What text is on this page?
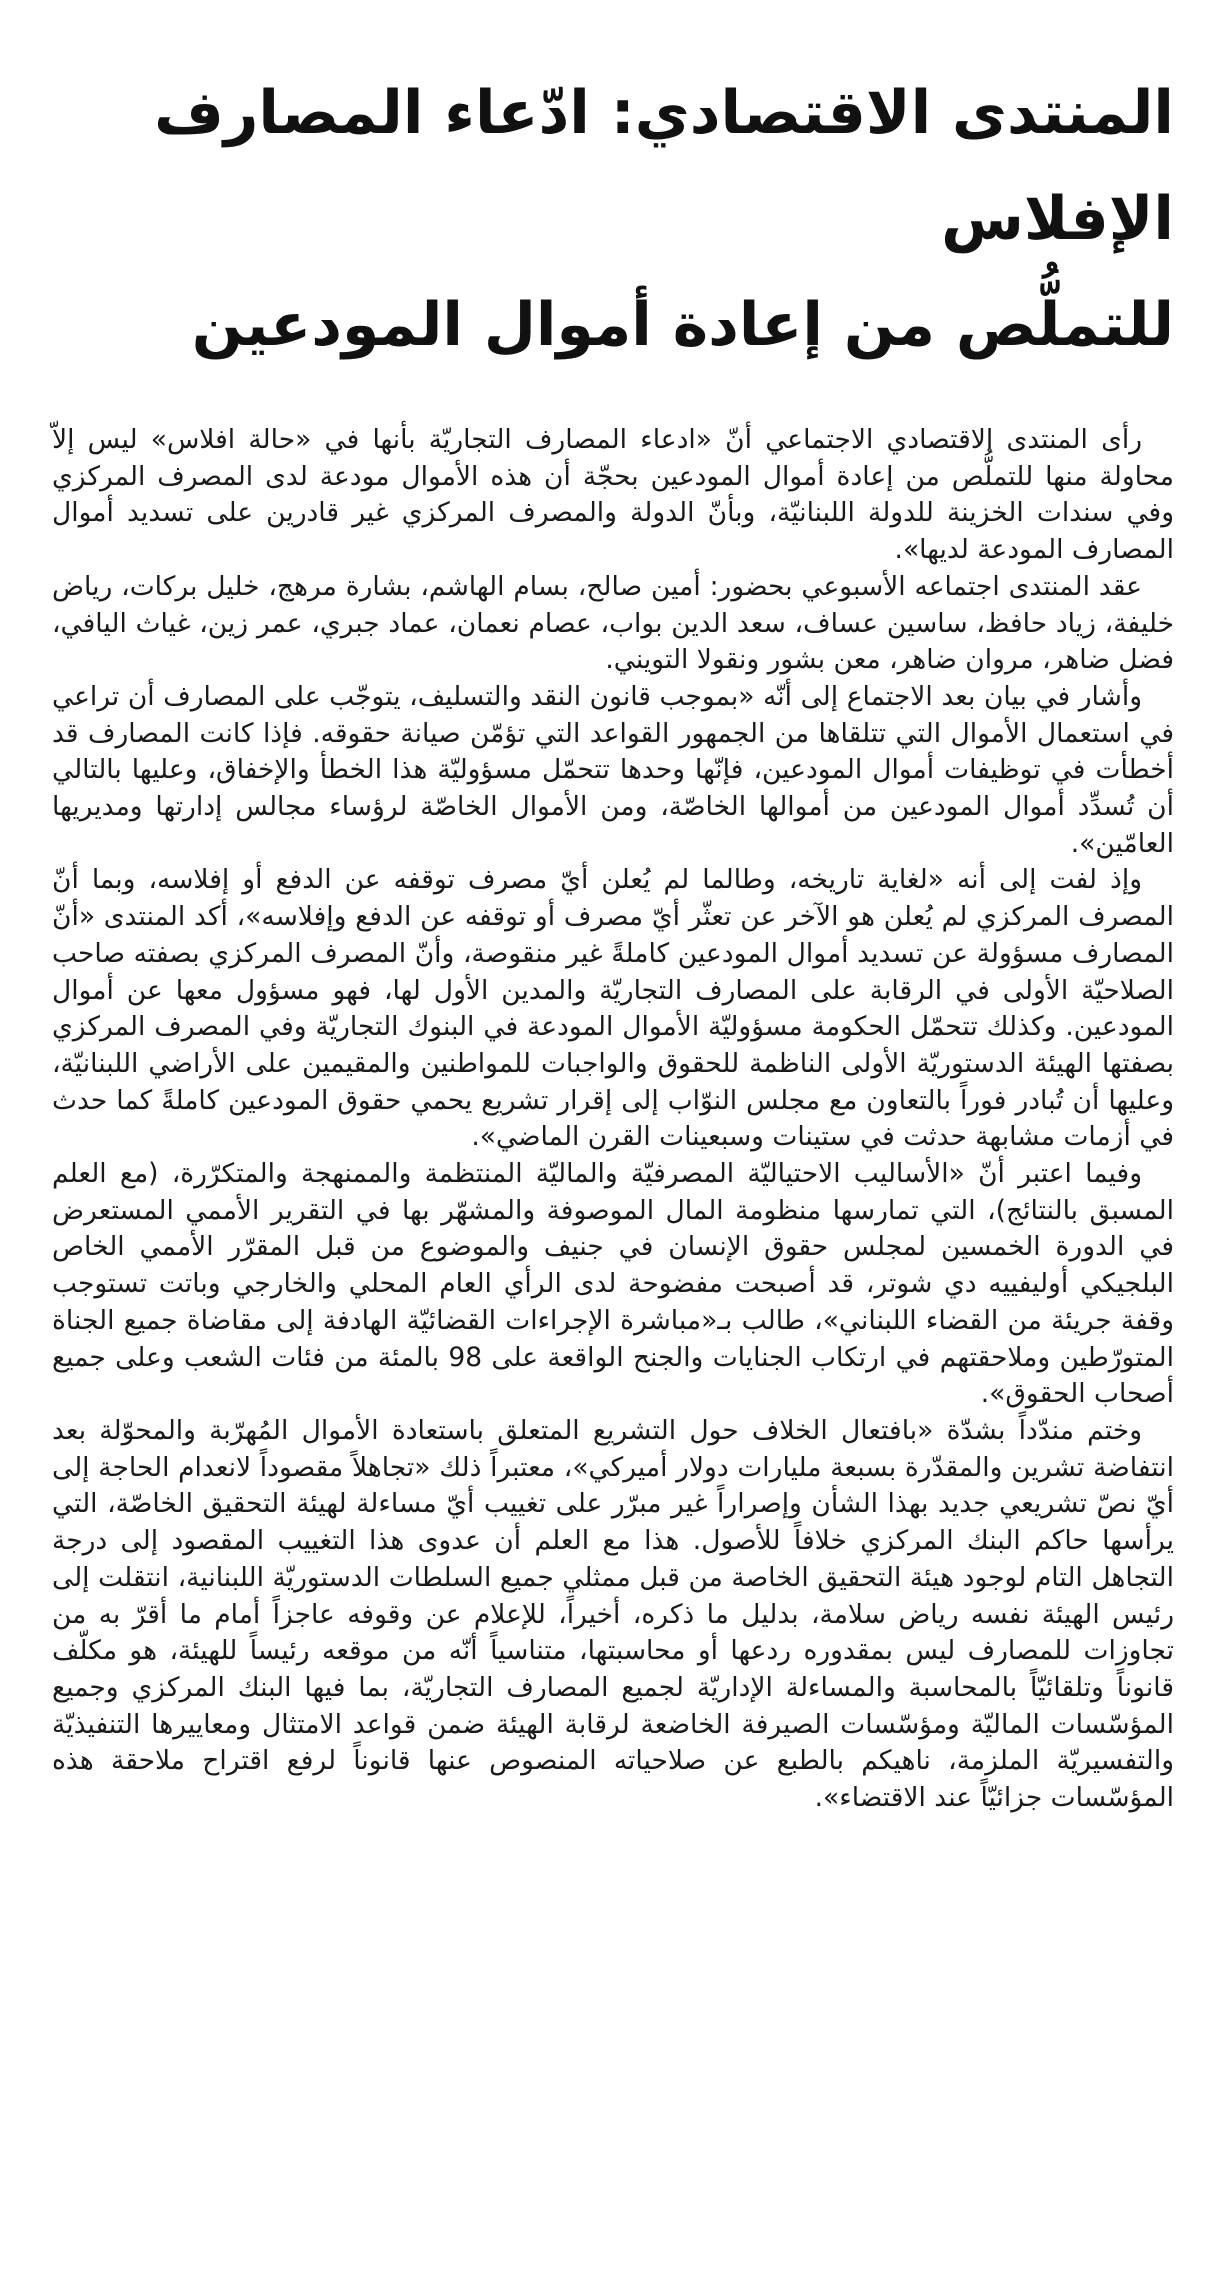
المنتدى الاقتصادي: ادّعاء المصارف الإفلاس
للتملُّص من إعادة أموال المودعين

رأى المنتدى الاقتصادي الاجتماعي أنّ «ادعاء المصارف التجاريّة بأنها في «حالة افلاس» ليس إلاّ محاولة منها للتملُّص من إعادة أموال المودعين بحجّة أن هذه الأموال مودعة لدى المصرف المركزي وفي سندات الخزينة للدولة اللبنانيّة، وبأنّ الدولة والمصرف المركزي غير قادرين على تسديد أموال المصارف المودعة لديها».

عقد المنتدى اجتماعه الأسبوعي بحضور: أمين صالح، بسام الهاشم، بشارة مرهج، خليل بركات، رياض خليفة، زياد حافظ، ساسين عساف، سعد الدين بواب، عصام نعمان، عماد جبري، عمر زين، غياث اليافي، فضل ضاهر، مروان ضاهر، معن بشور ونقولا التويني.

وأشار في بيان بعد الاجتماع إلى أنّه «بموجب قانون النقد والتسليف، يتوجّب على المصارف أن تراعي في استعمال الأموال التي تتلقاها من الجمهور القواعد التي تؤمّن صيانة حقوقه. فإذا كانت المصارف قد أخطأت في توظيفات أموال المودعين، فإنّها وحدها تتحمّل مسؤوليّة هذا الخطأ والإخفاق، وعليها بالتالي أن تُسدِّد أموال المودعين من أموالها الخاصّة، ومن الأموال الخاصّة لرؤساء مجالس إدارتها ومديريها العامّين».

وإذ لفت إلى أنه «لغاية تاريخه، وطالما لم يُعلن أيّ مصرف توقفه عن الدفع أو إفلاسه، وبما أنّ المصرف المركزي لم يُعلن هو الآخر عن تعثّر أيّ مصرف أو توقفه عن الدفع وإفلاسه»، أكد المنتدى «أنّ المصارف مسؤولة عن تسديد أموال المودعين كاملةً غير منقوصة، وأنّ المصرف المركزي بصفته صاحب الصلاحيّة الأولى في الرقابة على المصارف التجاريّة والمدين الأول لها، فهو مسؤول معها عن أموال المودعين. وكذلك تتحمّل الحكومة مسؤوليّة الأموال المودعة في البنوك التجاريّة وفي المصرف المركزي بصفتها الهيئة الدستوريّة الأولى الناظمة للحقوق والواجبات للمواطنين والمقيمين على الأراضي اللبنانيّة، وعليها أن تُبادر فوراً بالتعاون مع مجلس النوّاب إلى إقرار تشريع يحمي حقوق المودعين كاملةً كما حدث في أزمات مشابهة حدثت في ستينات وسبعينات القرن الماضي».

وفيما اعتبر أنّ «الأساليب الاحتياليّة المصرفيّة والماليّة المنتظمة والممنهجة والمتكرّرة، (مع العلم المسبق بالنتائج)، التي تمارسها منظومة المال الموصوفة والمشهّر بها في التقرير الأممي المستعرض في الدورة الخمسين لمجلس حقوق الإنسان في جنيف والموضوع من قبل المقرّر الأممي الخاص البلجيكي أوليفييه دي شوتر، قد أصبحت مفضوحة لدى الرأي العام المحلي والخارجي وباتت تستوجب وقفة جريئة من القضاء اللبناني»، طالب بـ«مباشرة الإجراءات القضائيّة الهادفة إلى مقاضاة جميع الجناة المتورّطين وملاحقتهم في ارتكاب الجنايات والجنح الواقعة على 98 بالمئة من فئات الشعب وعلى جميع أصحاب الحقوق».

وختم مندّداً بشدّة «بافتعال الخلاف حول التشريع المتعلق باستعادة الأموال المُهرّبة والمحوّلة بعد انتفاضة تشرين والمقدّرة بسبعة مليارات دولار أميركي»، معتبراً ذلك «تجاهلاً مقصوداً لانعدام الحاجة إلى أيّ نصّ تشريعي جديد بهذا الشأن وإصراراً غير مبرّر على تغييب أيّ مساءلة لهيئة التحقيق الخاصّة، التي يرأسها حاكم البنك المركزي خلافاً للأصول. هذا مع العلم أن عدوى هذا التغييب المقصود إلى درجة التجاهل التام لوجود هيئة التحقيق الخاصة من قبل ممثلي جميع السلطات الدستوريّة اللبنانية، انتقلت إلى رئيس الهيئة نفسه رياض سلامة، بدليل ما ذكره، أخيراً، للإعلام عن وقوفه عاجزاً أمام ما أقرّ به من تجاوزات للمصارف ليس بمقدوره ردعها أو محاسبتها، متناسياً أنّه من موقعه رئيساً للهيئة، هو مكلّف قانوناً وتلقائيّاً بالمحاسبة والمساءلة الإداريّة لجميع المصارف التجاريّة، بما فيها البنك المركزي وجميع المؤسّسات الماليّة ومؤسّسات الصيرفة الخاضعة لرقابة الهيئة ضمن قواعد الامتثال ومعاييرها التنفيذيّة والتفسيريّة الملزمة، ناهيكم بالطبع عن صلاحياته المنصوص عنها قانوناً لرفع اقتراح ملاحقة هذه المؤسّسات جزائيّاً عند الاقتضاء».
